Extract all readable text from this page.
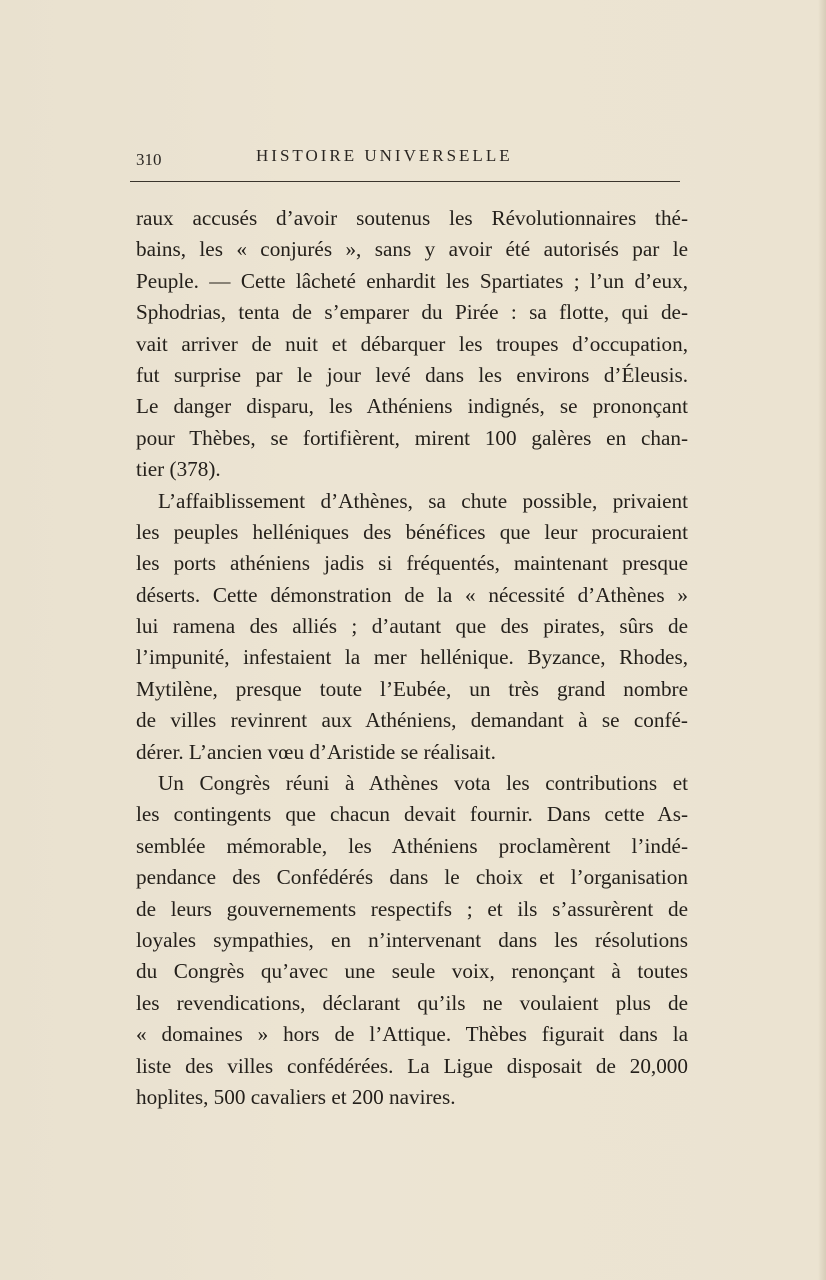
310	HISTOIRE UNIVERSELLE

raux accusés d’avoir soutenus les Révolutionnaires thé-
bains, les « conjurés », sans y avoir été autorisés par le
Peuple. — Cette lâcheté enhardit les Spartiates ; l’un d’eux,
Sphodrias, tenta de s’emparer du Pirée : sa flotte, qui de-
vait arriver de nuit et débarquer les troupes d’occupation,
fut surprise par le jour levé dans les environs d’Éleusis.
Le danger disparu, les Athéniens indignés, se prononçant
pour Thèbes, se fortifièrent, mirent 100 galères en chan-
tier (378).

L’affaiblissement d’Athènes, sa chute possible, privaient
les peuples helléniques des bénéfices que leur procuraient
les ports athéniens jadis si fréquentés, maintenant presque
déserts. Cette démonstration de la « nécessité d’Athènes »
lui ramena des alliés ; d’autant que des pirates, sûrs de
l’impunité, infestaient la mer hellénique. Byzance, Rhodes,
Mytilène, presque toute l’Eubée, un très grand nombre
de villes revinrent aux Athéniens, demandant à se confé-
dérer. L’ancien vœu d’Aristide se réalisait.

Un Congrès réuni à Athènes vota les contributions et
les contingents que chacun devait fournir. Dans cette As-
semblée mémorable, les Athéniens proclamèrent l’indé-
pendance des Confédérés dans le choix et l’organisation
de leurs gouvernements respectifs ; et ils s’assurèrent de
loyales sympathies, en n’intervenant dans les résolutions
du Congrès qu’avec une seule voix, renonçant à toutes
les revendications, déclarant qu’ils ne voulaient plus de
« domaines » hors de l’Attique. Thèbes figurait dans la
liste des villes confédérées. La Ligue disposait de 20,000
hoplites, 500 cavaliers et 200 navires.
